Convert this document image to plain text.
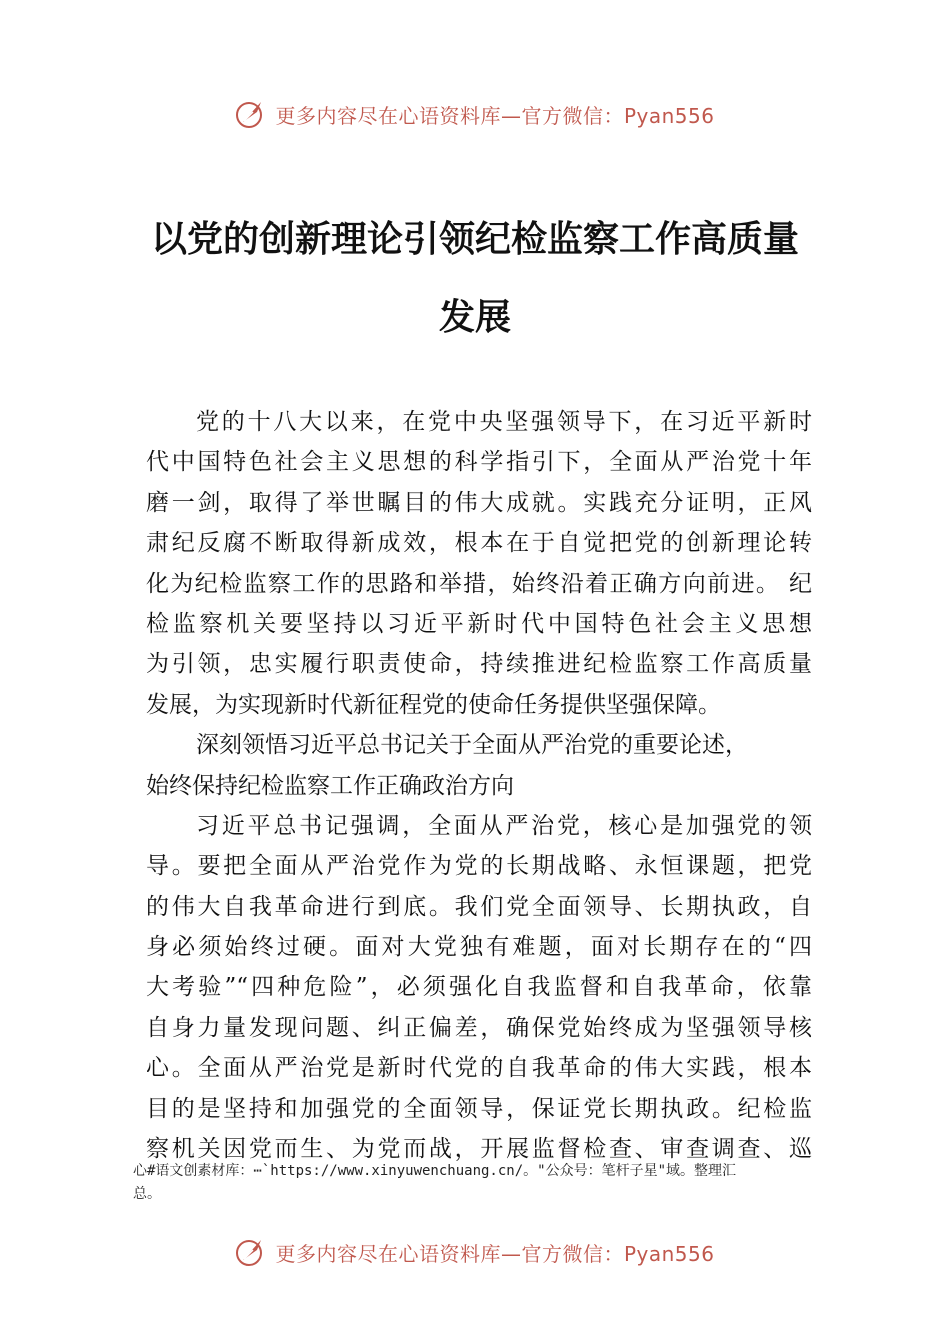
更多内容尽在心语资料库—官方微信：Pyan556
以党的创新理论引领纪检监察工作高质量
发展
党的十八大以来，在党中央坚强领导下，在习近平新时
代中国特色社会主义思想的科学指引下，全面从严治党十年
磨一剑，取得了举世瞩目的伟大成就。实践充分证明，正风
肃纪反腐不断取得新成效，根本在于自觉把党的创新理论转
化为纪检监察工作的思路和举措，始终沿着正确方向前进。 纪
检监察机关要坚持以习近平新时代中国特色社会主义思想
为引领，忠实履行职责使命，持续推进纪检监察工作高质量
发展，为实现新时代新征程党的使命任务提供坚强保障。
深刻领悟习近平总书记关于全面从严治党的重要论述，
始终保持纪检监察工作正确政治方向
习近平总书记强调，全面从严治党，核心是加强党的领
导。要把全面从严治党作为党的长期战略、永恒课题，把党
的伟大自我革命进行到底。我们党全面领导、长期执政，自
身必须始终过硬。面对大党独有难题，面对长期存在的“四
大考验”“四种危险”，必须强化自我监督和自我革命，依靠
自身力量发现问题、纠正偏差，确保党始终成为坚强领导核
心。全面从严治党是新时代党的自我革命的伟大实践，根本
目的是坚持和加强党的全面领导，保证党长期执政。纪检监
察机关因党而生、为党而战，开展监督检查、审查调查、巡
心#语文创素材库：⋯`https://www.xinyuwenchuang.cn/。"公众号：笔杆子星"域。整理汇
总。
更多内容尽在心语资料库—官方微信：Pyan556
